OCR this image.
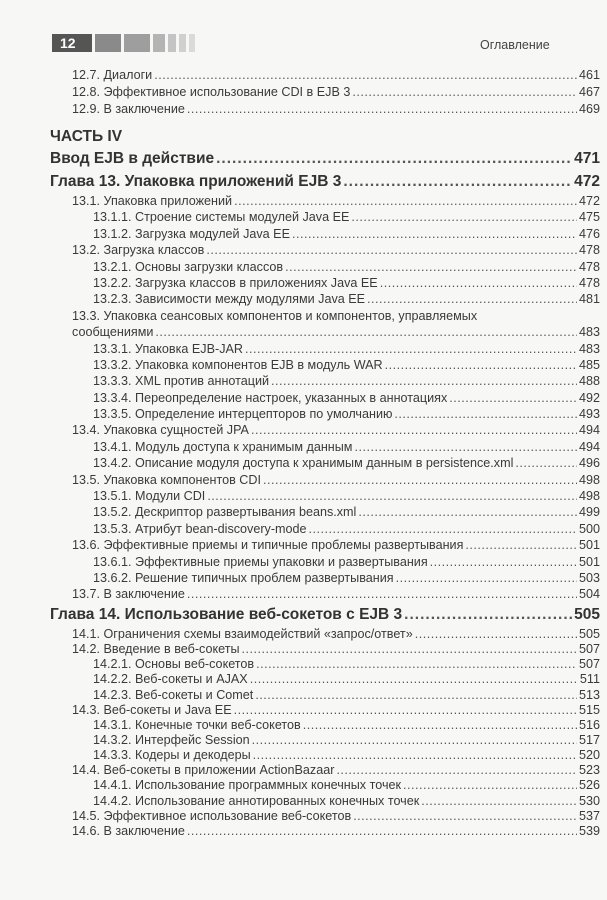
12	Оглавление
12.7. Диалоги .....	461
12.8. Эффективное использование CDI в EJB 3 .....	467
12.9. В заключение .....	469
ЧАСТЬ IV
Ввод EJB в действие .....	471
Глава 13. Упаковка приложений EJB 3 .....	472
13.1. Упаковка приложений .....	472
13.1.1. Строение системы модулей Java EE .....	475
13.1.2. Загрузка модулей Java EE .....	476
13.2. Загрузка классов .....	478
13.2.1. Основы загрузки классов .....	478
13.2.2. Загрузка классов в приложениях Java EE .....	478
13.2.3. Зависимости между модулями Java EE .....	481
13.3. Упаковка сеансовых компонентов и компонентов, управляемых
сообщениями .....	483
13.3.1. Упаковка EJB-JAR .....	483
13.3.2. Упаковка компонентов EJB в модуль WAR .....	485
13.3.3. XML против аннотаций .....	488
13.3.4. Переопределение настроек, указанных в аннотациях .....	492
13.3.5. Определение интерцепторов по умолчанию .....	493
13.4. Упаковка сущностей JPA .....	494
13.4.1. Модуль доступа к хранимым данным .....	494
13.4.2. Описание модуля доступа к хранимым данным в persistence.xml .....	496
13.5. Упаковка компонентов CDI .....	498
13.5.1. Модули CDI .....	498
13.5.2. Дескриптор развертывания beans.xml .....	499
13.5.3. Атрибут bean-discovery-mode .....	500
13.6. Эффективные приемы и типичные проблемы развертывания .....	501
13.6.1. Эффективные приемы упаковки и развертывания .....	501
13.6.2. Решение типичных проблем развертывания .....	503
13.7. В заключение .....	504
Глава 14. Использование веб-сокетов с EJB 3 .....	505
14.1. Ограничения схемы взаимодействий «запрос/ответ» .....	505
14.2. Введение в веб-сокеты .....	507
14.2.1. Основы веб-сокетов .....	507
14.2.2. Веб-сокеты и AJAX .....	511
14.2.3. Веб-сокеты и Comet .....	513
14.3. Веб-сокеты и Java EE .....	515
14.3.1. Конечные точки веб-сокетов .....	516
14.3.2. Интерфейс Session .....	517
14.3.3. Кодеры и декодеры .....	520
14.4. Веб-сокеты в приложении ActionBazaar .....	523
14.4.1. Использование программных конечных точек .....	526
14.4.2. Использование аннотированных конечных точек .....	530
14.5. Эффективное использование веб-сокетов .....	537
14.6. В заключение .....	539
